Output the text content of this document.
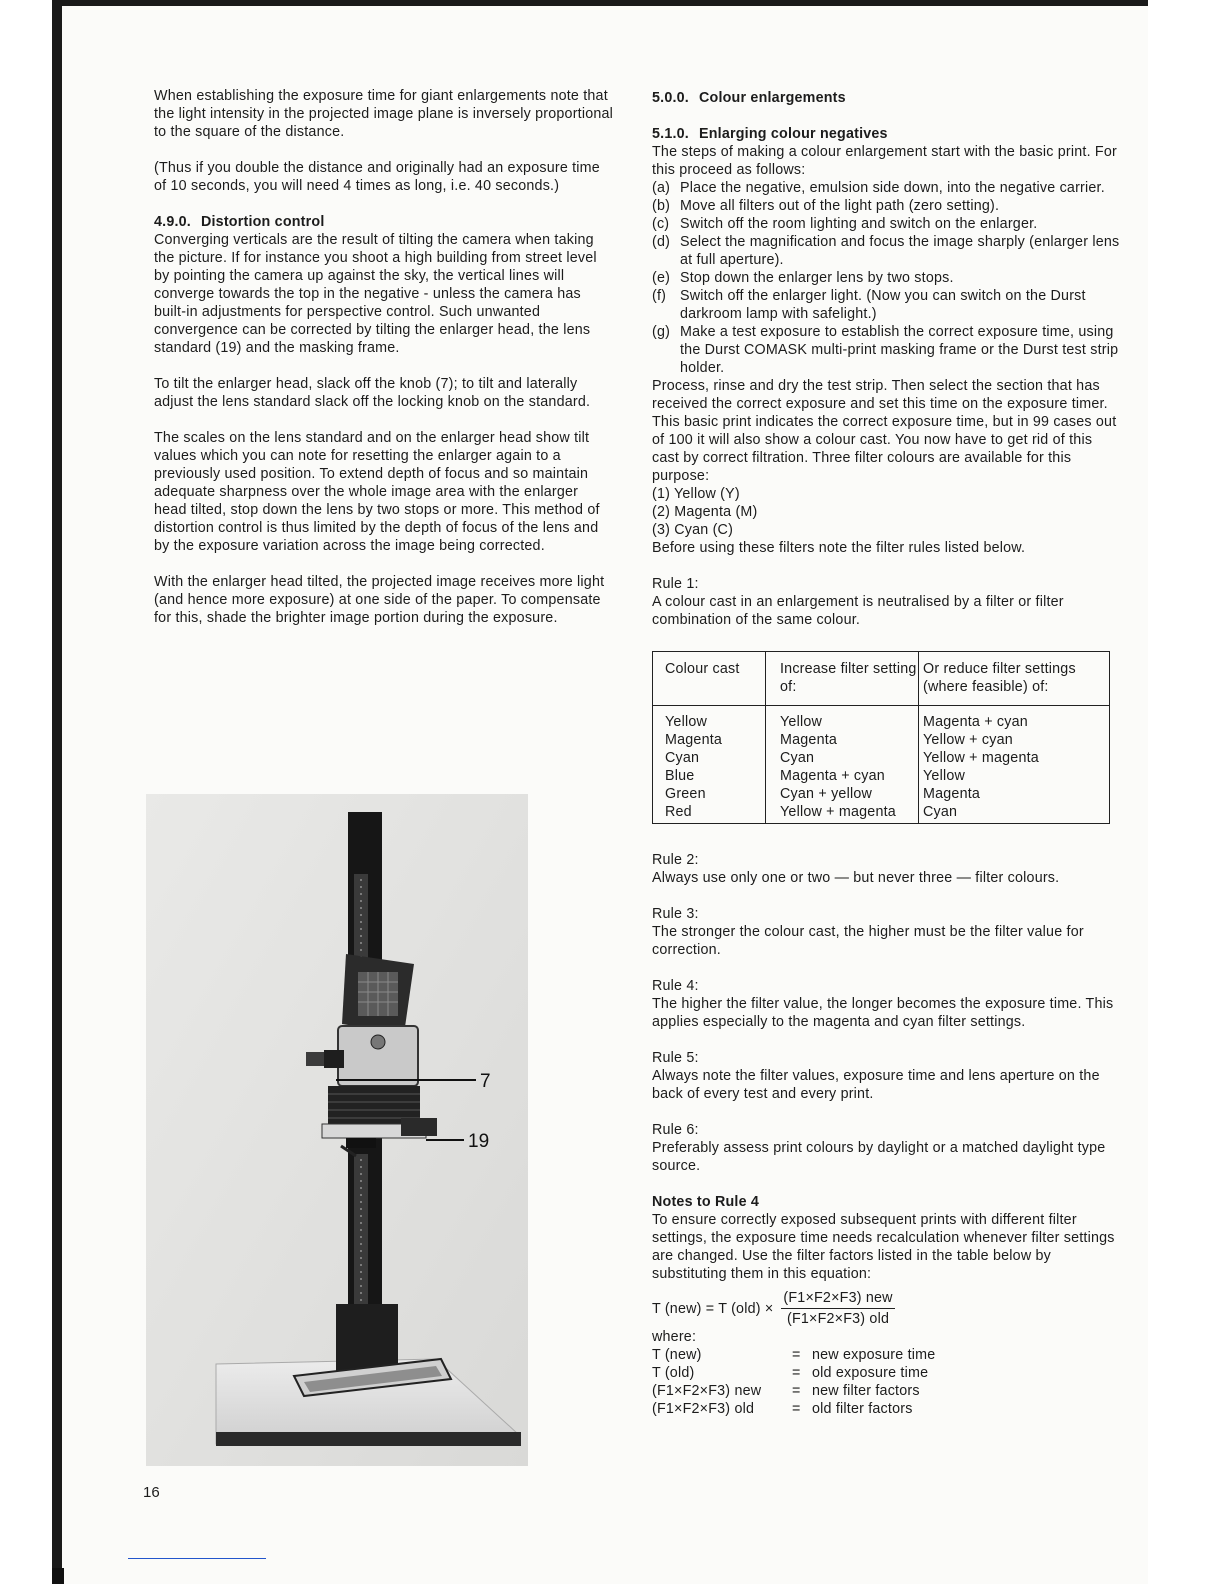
When establishing the exposure time for giant enlargements note that the light intensity in the projected image plane is inversely proportional to the square of the distance.

(Thus if you double the distance and originally had an exposure time of 10 seconds, you will need 4 times as long, i.e. 40 seconds.)

4.9.0. Distortion control

Converging verticals are the result of tilting the camera when taking the picture. If for instance you shoot a high building from street level by pointing the camera up against the sky, the vertical lines will converge towards the top in the negative - unless the camera has built-in adjustments for perspective control. Such unwanted convergence can be corrected by tilting the enlarger head, the lens standard (19) and the masking frame.

To tilt the enlarger head, slack off the knob (7); to tilt and laterally adjust the lens standard slack off the locking knob on the standard.

The scales on the lens standard and on the enlarger head show tilt values which you can note for resetting the enlarger again to a previously used position. To extend depth of focus and so maintain adequate sharpness over the whole image area with the enlarger head tilted, stop down the lens by two stops or more. This method of distortion control is thus limited by the depth of focus of the lens and by the exposure variation across the image being corrected.

With the enlarger head tilted, the projected image receives more light (and hence more exposure) at one side of the paper. To compensate for this, shade the brighter image portion during the exposure.

7
19
16
5.0.0. Colour enlargements
5.1.0. Enlarging colour negatives

The steps of making a colour enlargement start with the basic print. For this proceed as follows:

(a) Place the negative, emulsion side down, into the negative carrier.
(b) Move all filters out of the light path (zero setting).
(c) Switch off the room lighting and switch on the enlarger.
(d) Select the magnification and focus the image sharply (enlarger lens at full aperture).
(e) Stop down the enlarger lens by two stops.
(f) Switch off the enlarger light. (Now you can switch on the Durst darkroom lamp with safelight.)
(g) Make a test exposure to establish the correct exposure time, using the Durst COMASK multi-print masking frame or the Durst test strip holder.

Process, rinse and dry the test strip. Then select the section that has received the correct exposure and set this time on the exposure timer. This basic print indicates the correct exposure time, but in 99 cases out of 100 it will also show a colour cast. You now have to get rid of this cast by correct filtration. Three filter colours are available for this purpose:

(1) Yellow (Y)

(2) Magenta (M)

(3) Cyan (C)

Before using these filters note the filter rules listed below.

Rule 1:

A colour cast in an enlargement is neutralised by a filter or filter combination of the same colour.

Colour cast	Increase filter setting of:	Or reduce filter settings (where feasible) of:
Yellow	Yellow	Magenta + cyan
Magenta	Magenta	Yellow + cyan
Cyan	Cyan	Yellow + magenta
Blue	Magenta + cyan	Yellow
Green	Cyan + yellow	Magenta
Red	Yellow + magenta	Cyan

Rule 2:

Always use only one or two — but never three — filter colours.

Rule 3:

The stronger the colour cast, the higher must be the filter value for correction.

Rule 4:

The higher the filter value, the longer becomes the exposure time. This applies especially to the magenta and cyan filter settings.

Rule 5:

Always note the filter values, exposure time and lens aperture on the back of every test and every print.

Rule 6:

Preferably assess print colours by daylight or a matched daylight type source.

Notes to Rule 4

To ensure correctly exposed subsequent prints with different filter settings, the exposure time needs recalculation whenever filter settings are changed. Use the filter factors listed in the table below by substituting them in this equation:

T (new) = T $(old) \times \frac{\text{(F1×F2×F3) new}}{\text{(F1×F2×F3) old}}$

where:

T (new)	= new exposure time
T (old)	= old exposure time
(F1×F2×F3) new	= new filter factors
(F1×F2×F3) old	= old filter factors
